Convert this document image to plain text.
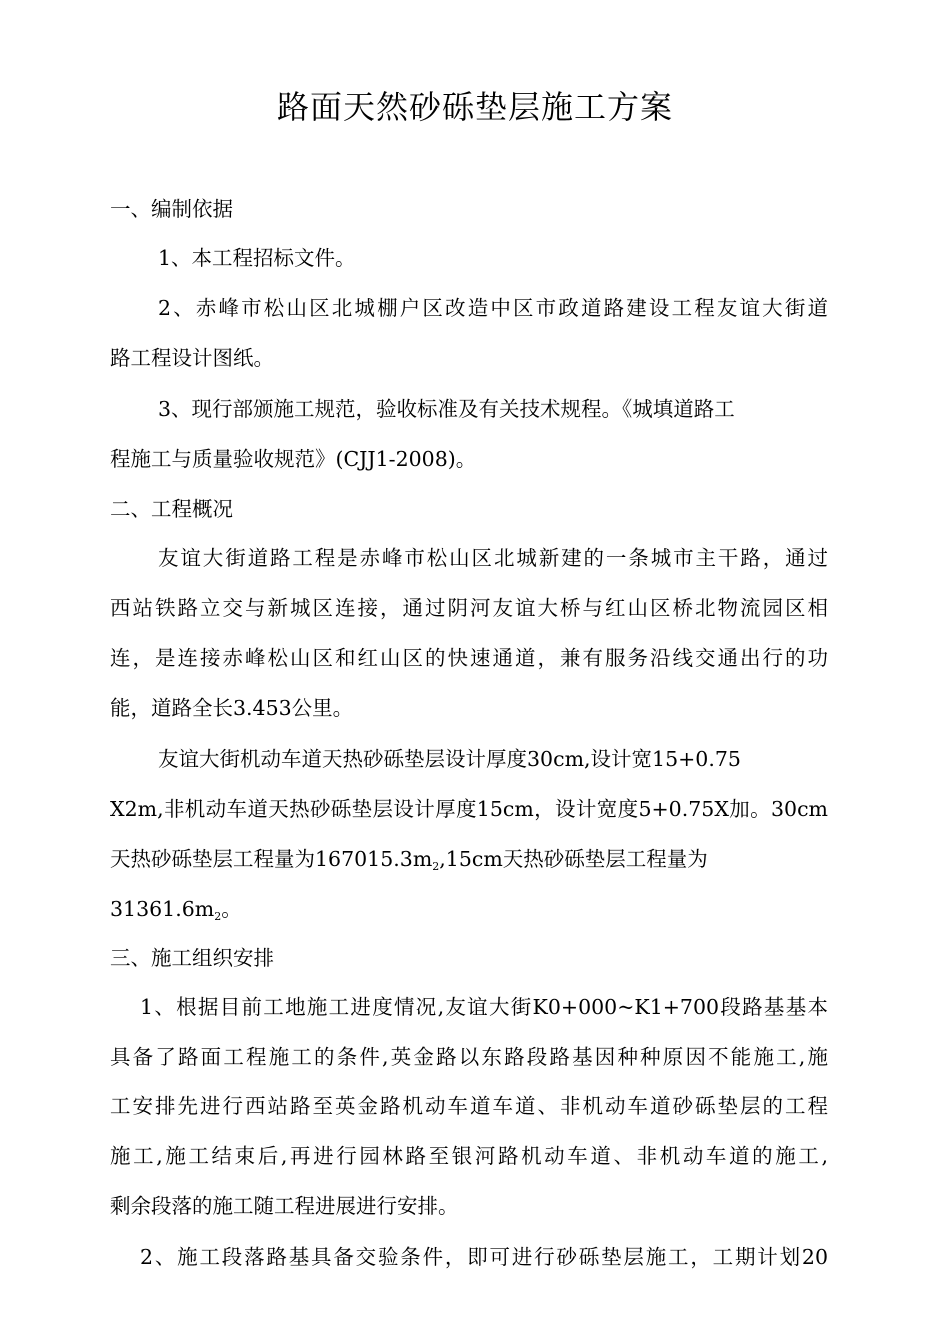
路面天然砂砾垫层施工方案
一、编制依据
1、本工程招标文件。
2、赤峰市松山区北城棚户区改造中区市政道路建设工程友谊大街道
路工程设计图纸。
3、现行部颁施工规范，验收标准及有关技术规程。《城填道路工
程施工与质量验收规范》(CJJ1-2008)。
二、工程概况
友谊大街道路工程是赤峰市松山区北城新建的一条城市主干路，通过
西站铁路立交与新城区连接，通过阴河友谊大桥与红山区桥北物流园区相
连，是连接赤峰松山区和红山区的快速通道，兼有服务沿线交通出行的功
能，道路全长3.453公里。
友谊大街机动车道天热砂砾垫层设计厚度30cm,设计宽15+0.75
X2m,非机动车道天热砂砾垫层设计厚度15cm，设计宽度5+0.75X加。30cm
天热砂砾垫层工程量为167015.3m2,15cm天热砂砾垫层工程量为
31361.6m2。
三、施工组织安排
1、根据目前工地施工进度情况,友谊大街K0+000~K1+700段路基基本
具备了路面工程施工的条件,英金路以东路段路基因种种原因不能施工,施
工安排先进行西站路至英金路机动车道车道、非机动车道砂砾垫层的工程
施工,施工结束后,再进行园林路至银河路机动车道、非机动车道的施工,
剩余段落的施工随工程进展进行安排。
2、施工段落路基具备交验条件，即可进行砂砾垫层施工，工期计划20
